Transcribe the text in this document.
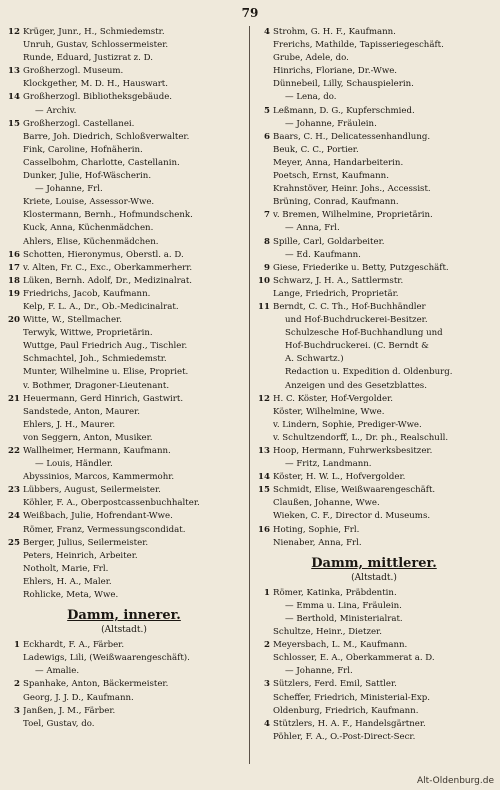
79
12 Krüger, Junr., H., Schmiedemstr.
Unruh, Gustav, Schlossermeister.
Runde, Eduard, Justizrat z. D.
13 Großherzogl. Museum.
Klockgether, M. D. H., Hauswart.
14 Großherzogl. Bibliotheksgebäude.
— Archiv.
15 Großherzogl. Castellanei.
Barre, Joh. Diedrich, Schloßverwalter.
Fink, Caroline, Hofnäherin.
Casselbohm, Charlotte, Castellanin.
Dunker, Julie, Hof-Wäscherin.
— Johanne, Frl.
Kriete, Louise, Assessor-Wwe.
Klostermann, Bernh., Hofmundschenk.
Kuck, Anna, Küchenmädchen.
Ahlers, Elise, Küchenmädchen.
16 Schotten, Hieronymus, Oberstl. a. D.
17 v. Alten, Fr. C., Exc., Oberkammerherr.
18 Lüken, Bernh. Adolf, Dr., Medizinalrat.
19 Friedrichs, Jacob, Kaufmann.
Kelp, F. L. A., Dr., Ob.-Medicinalrat.
20 Witte, W., Stellmacher.
Terwyk, Wittwe, Proprietärin.
Wuttge, Paul Friedrich Aug., Tischler.
Schmachtel, Joh., Schmiedemstr.
Munter, Wilhelmine u. Elise, Propriet.
v. Bothmer, Dragoner-Lieutenant.
21 Heuermann, Gerd Hinrich, Gastwirt.
Sandstede, Anton, Maurer.
Ehlers, J. H., Maurer.
von Seggern, Anton, Musiker.
22 Wallheimer, Hermann, Kaufmann.
— Louis, Händler.
Abyssinios, Marcos, Kammermohr.
23 Lübbers, August, Seilermeister.
Köhler, F. A., Oberpostcassenbuchhalter.
24 Weißbach, Julie, Hofrendant-Wwe.
Römer, Franz, Vermessungscondidat.
25 Berger, Julius, Seilermeister.
Peters, Heinrich, Arbeiter.
Notholt, Marie, Frl.
Ehlers, H. A., Maler.
Rohlicke, Meta, Wwe.
Damm, innerer.
(Altstadt.)
1 Eckhardt, F. A., Färber.
Ladewigs, Lili, (Weißwaarengeschäft).
— Amalie.
2 Spanhake, Anton, Bäckermeister.
Georg, J. J. D., Kaufmann.
3 Janßen, J. M., Färber.
Toel, Gustav, do.
4 Strohm, G. H. F., Kaufmann.
Frerichs, Mathilde, Tapisseriegeschäft.
Grube, Adele, do.
Hinrichs, Floriane, Dr.-Wwe.
Dünnebeil, Lilly, Schauspielerin.
— Lena, do.
5 Leßmann, D. G., Kupferschmied.
— Johanne, Fräulein.
6 Baars, C. H., Delicatessenhandlung.
Beuk, C. C., Portier.
Meyer, Anna, Handarbeiterin.
Poetsch, Ernst, Kaufmann.
Krahnstöver, Heinr. Johs., Accessist.
Brüning, Conrad, Kaufmann.
7 v. Bremen, Wilhelmine, Proprietärin.
— Anna, Frl.
8 Spille, Carl, Goldarbeiter.
— Ed. Kaufmann.
9 Giese, Friederike u. Betty, Putzgeschäft.
10 Schwarz, J. H. A., Sattlermstr.
Lange, Friedrich, Proprietär.
11 Berndt, C. C. Th., Hof-Buchhändler
und Hof-Buchdruckerei-Besitzer.
Schulzesche Hof-Buchhandlung und
Hof-Buchdruckerei. (C. Berndt &
A. Schwartz.)
Redaction u. Expedition d. Oldenburg.
Anzeigen und des Gesetzblattes.
12 H. C. Köster, Hof-Vergolder.
Köster, Wilhelmine, Wwe.
v. Lindern, Sophie, Prediger-Wwe.
v. Schultzendorff, L., Dr. ph., Realschull.
13 Hoop, Hermann, Fuhrwerksbesitzer.
— Fritz, Landmann.
14 Köster, H. W. L., Hofvergolder.
15 Schmidt, Elise, Weißwaarengeschäft.
Claußen, Johanne, Wwe.
Wieken, C. F., Director d. Museums.
16 Hoting, Sophie, Frl.
Nienaber, Anna, Frl.
Damm, mittlerer.
(Altstadt.)
1 Römer, Katinka, Präbdentin.
— Emma u. Lina, Fräulein.
— Berthold, Ministerialrat.
Schultze, Heinr., Dietzer.
2 Meyersbach, L. M., Kaufmann.
Schlosser, E. A., Oberkammerat a. D.
— Johanne, Frl.
3 Sützlers, Ferd. Emil, Sattler.
Scheffer, Friedrich, Ministerial-Exp.
Oldenburg, Friedrich, Kaufmann.
4 Stützlers, H. A. F., Handelsgärtner.
Pöhler, F. A., O.-Post-Direct-Secr.
Alt-Oldenburg.de
